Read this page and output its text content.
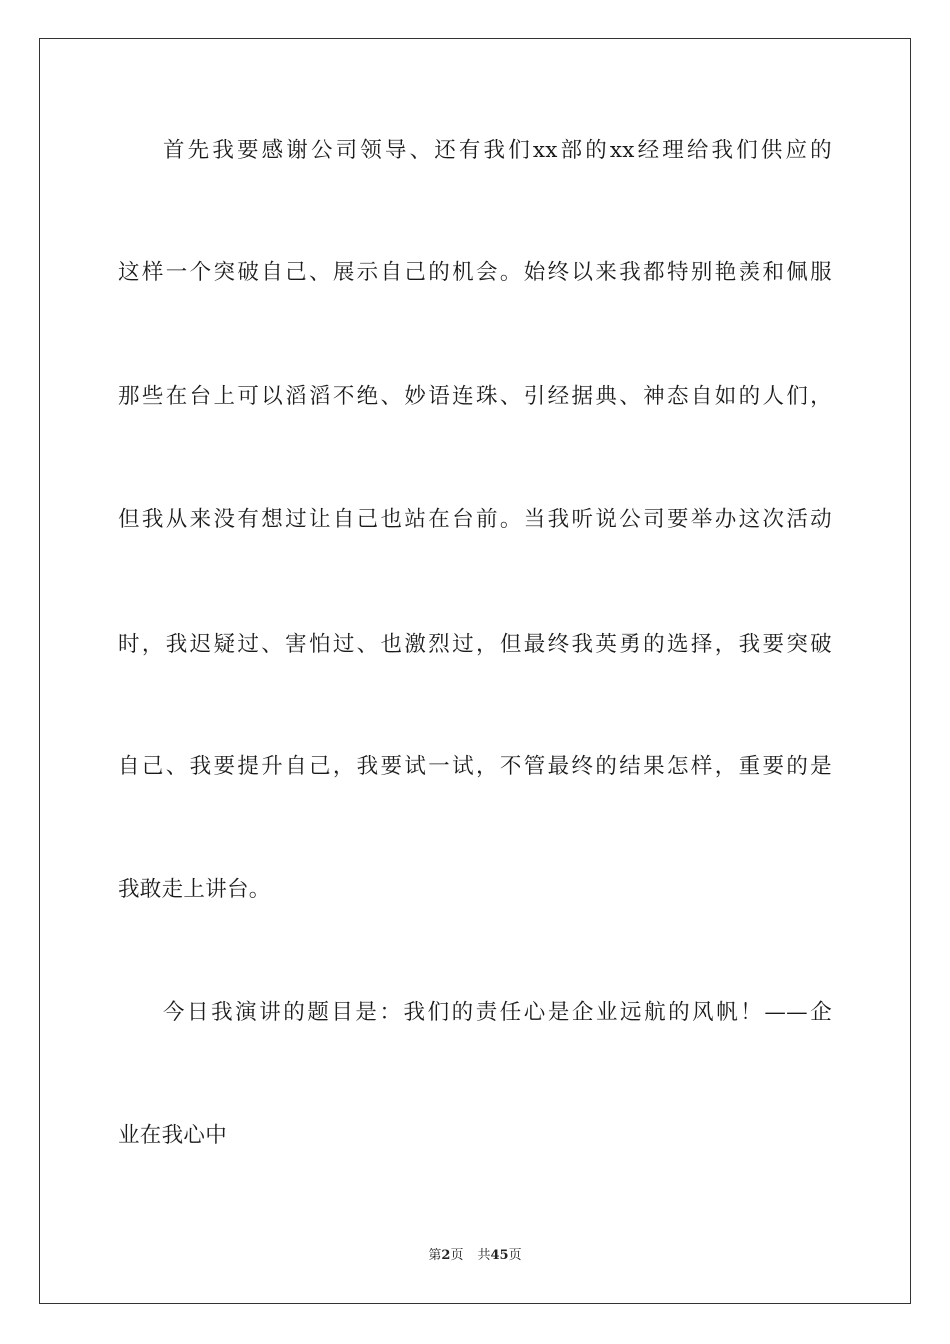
首先我要感谢公司领导、还有我们xx部的xx经理给我们供应的
这样一个突破自己、展示自己的机会。始终以来我都特别艳羡和佩服
那些在台上可以滔滔不绝、妙语连珠、引经据典、神态自如的人们，
但我从来没有想过让自己也站在台前。当我听说公司要举办这次活动
时，我迟疑过、害怕过、也激烈过，但最终我英勇的选择，我要突破
自己、我要提升自己，我要试一试，不管最终的结果怎样，重要的是
我敢走上讲台。
今日我演讲的题目是：我们的责任心是企业远航的风帆！——企
业在我心中
第2页 共45页
